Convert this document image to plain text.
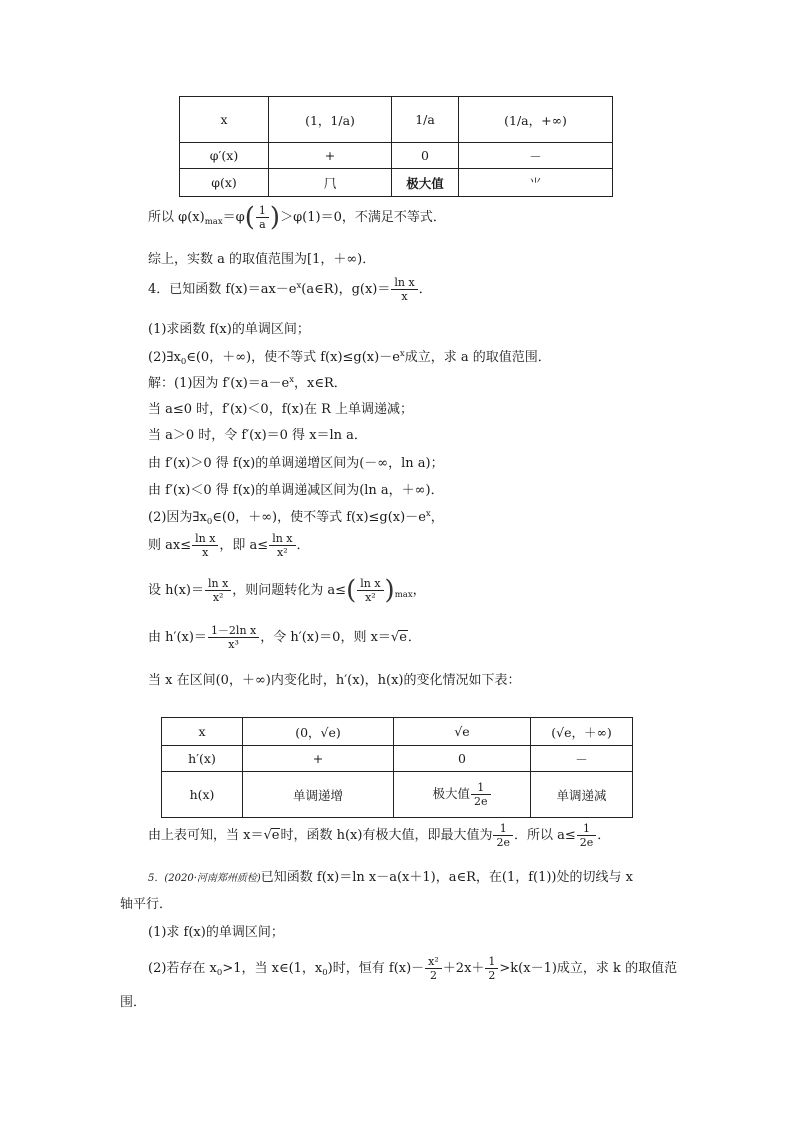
x	(1，1/a)	1/a	(1/a，+∞)
φ′(x)	+	0	－
φ(x)	⺇	极大值	⺌
所以 $\varphi(x)_{max}=\varphi( \frac{1}{a} )>\varphi(1)=0$，不满足不等式．
综上，实数 a 的取值范围为[1，＋∞)．
4．已知函数 $f(x)=ax-e^x(a\in R)$，$g(x)= \frac{\text{ln x}}{x}$ ．
(1)求函数 f(x)的单调区间；
$(2)\exists x_0\in(0$，＋∞)，使不等式 $f(x)\le g(x)-e^x$成立，求 a 的取值范围．
解：(1)因为 $f'(x)=a-e^x$，x∈R．
当 a≤0 时，f′(x)＜0，f(x)在 R 上单调递减；
当 a＞0 时，令 f′(x)＝0 得 x＝ln a．
由 f′(x)＞0 得 f(x)的单调递增区间为(－∞，ln a)；
由 f′(x)＜0 得 f(x)的单调递减区间为(ln a，＋∞)．
(2)因为$\exists x_0\in(0$，＋∞)，使不等式 $f(x)\le g(x)-e^x$，
则 $ax\le \frac{\text{ln x}}{x}$ ，即 $a\le \frac{\text{ln x}}{\text{x²}}$ ．
设 $h(x)= \frac{\text{ln x}}{\text{x²}}$ ，则问题转化为 $a\le( \frac{\text{ln x}}{\text{x²}} )_{max}$，
由 $h'(x)= \frac{\text{1－2ln x}}{\text{x³}}$ ，令 h′(x)＝0，则 x＝√e．
当 x 在区间(0，＋∞)内变化时，h′(x)，h(x)的变化情况如下表：
x	(0，√e)	√e	(√e，＋∞)
h′(x)	+	0	－
h(x)	单调递增	极大值 $\frac{1}{2e}$	单调递减
由上表可知，当 x＝√e时，函数 h(x)有极大值，即最大值为 $\frac{1}{2e}$ ．所以 $a\le \frac{1}{2e}$ ．
5．(2020·河南郑州质检)已知函数 f(x)＝ln x－a(x＋1)，a∈R，在(1，f(1))处的切线与 x
轴平行．
(1)求 f(x)的单调区间；
(2)若存在 $x_0>1$，当 x∈(1，$x_0$)时，恒有 $f(x)- \frac{\text{x²}}{2} +2x+ \frac{1}{2} >k(x-1)$成立，求 k 的取值范
围．
